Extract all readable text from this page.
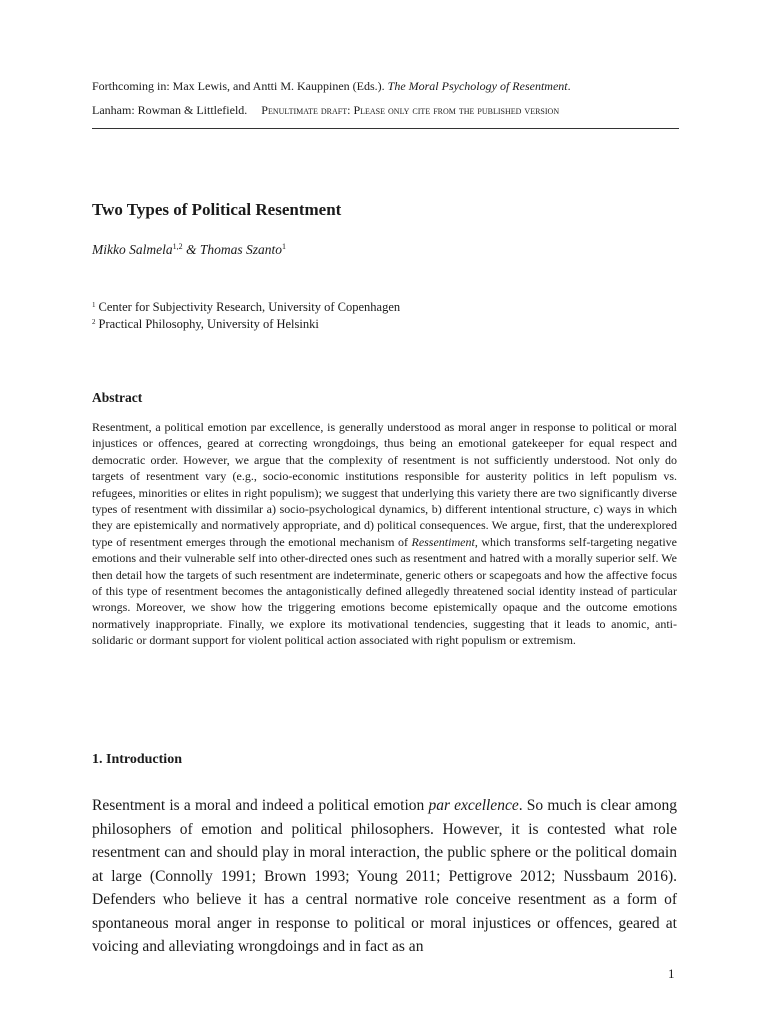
Forthcoming in: Max Lewis, and Antti M. Kauppinen (Eds.). The Moral Psychology of Resentment.
Lanham: Rowman & Littlefield. Penultimate draft: Please only cite from the published version
Two Types of Political Resentment
Mikko Salmela$^{1,2}$ & Thomas Szanto$^1$
$^1$ Center for Subjectivity Research, University of Copenhagen
$^2$ Practical Philosophy, University of Helsinki
Abstract
Resentment, a political emotion par excellence, is generally understood as moral anger in response to political or moral injustices or offences, geared at correcting wrongdoings, thus being an emotional gatekeeper for equal respect and democratic order. However, we argue that the complexity of resentment is not sufficiently understood. Not only do targets of resentment vary (e.g., socio-economic institutions responsible for austerity politics in left populism vs. refugees, minorities or elites in right populism); we suggest that underlying this variety there are two significantly diverse types of resentment with dissimilar a) socio-psychological dynamics, b) different intentional structure, c) ways in which they are epistemically and normatively appropriate, and d) political consequences. We argue, first, that the underexplored type of resentment emerges through the emotional mechanism of Ressentiment, which transforms self-targeting negative emotions and their vulnerable self into other-directed ones such as resentment and hatred with a morally superior self. We then detail how the targets of such resentment are indeterminate, generic others or scapegoats and how the affective focus of this type of resentment becomes the antagonistically defined allegedly threatened social identity instead of particular wrongs. Moreover, we show how the triggering emotions become epistemically opaque and the outcome emotions normatively inappropriate. Finally, we explore its motivational tendencies, suggesting that it leads to anomic, anti-solidaric or dormant support for violent political action associated with right populism or extremism.
1. Introduction
Resentment is a moral and indeed a political emotion par excellence. So much is clear among philosophers of emotion and political philosophers. However, it is contested what role resentment can and should play in moral interaction, the public sphere or the political domain at large (Connolly 1991; Brown 1993; Young 2011; Pettigrove 2012; Nussbaum 2016). Defenders who believe it has a central normative role conceive resentment as a form of spontaneous moral anger in response to political or moral injustices or offences, geared at voicing and alleviating wrongdoings and in fact as an
1
